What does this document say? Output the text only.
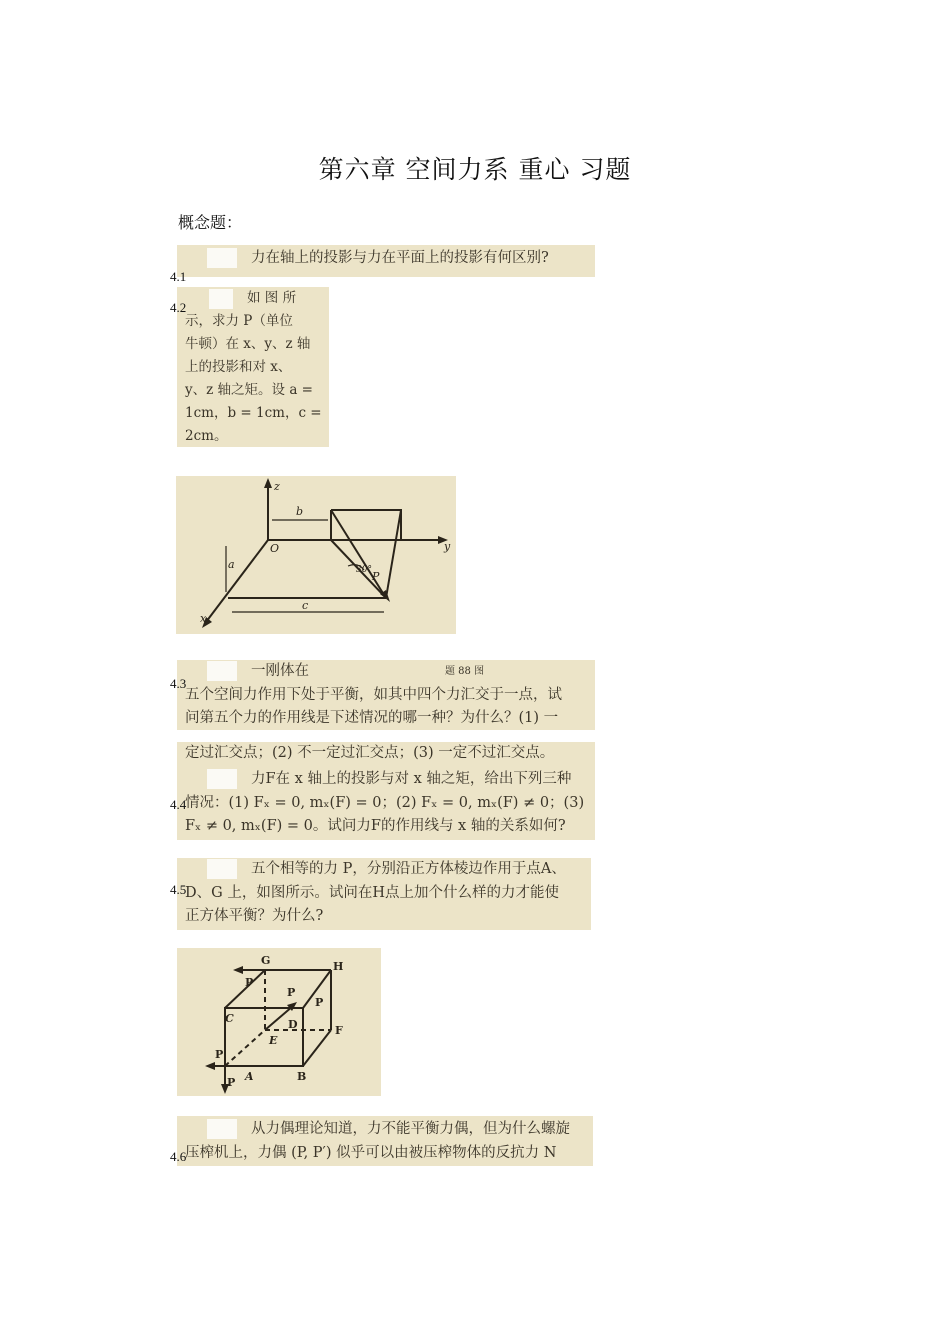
第六章 空间力系 重心 习题
概念题：
力在轴上的投影与力在平面上的投影有何区别?
4.1
如 图 所
示，求力 P（单位
牛顿）在 x、y、z 轴
上的投影和对 x、
y、z 轴之矩。设 a =
1cm，b = 1cm，c =
2cm。
4.2
z
y
x
O
b
a
c
30° P
一刚体在	题 88 图
五个空间力作用下处于平衡，如其中四个力汇交于一点，试
问第五个力的作用线是下述情况的哪一种？为什么？(1) 一
4.3
定过汇交点；(2) 不一定过汇交点；(3) 一定不过汇交点。
力F在 x 轴上的投影与对 x 轴之矩，给出下列三种
情况：(1) Fₓ = 0, mₓ(F) = 0；(2) Fₓ = 0, mₓ(F) ≠ 0；(3)
Fₓ ≠ 0, mₓ(F) = 0。试问力F的作用线与 x 轴的关系如何?
4.4
五个相等的力 P，分别沿正方体棱边作用于点A、
D、G 上，如图所示。试问在H点上加个什么样的力才能使
正方体平衡？为什么?
4.5
G	H
C	D	F
E
A	B
P
P
P
P
P
从力偶理论知道，力不能平衡力偶，但为什么螺旋
压榨机上，力偶 (P, P′) 似乎可以由被压榨物体的反抗力 N
4.6
